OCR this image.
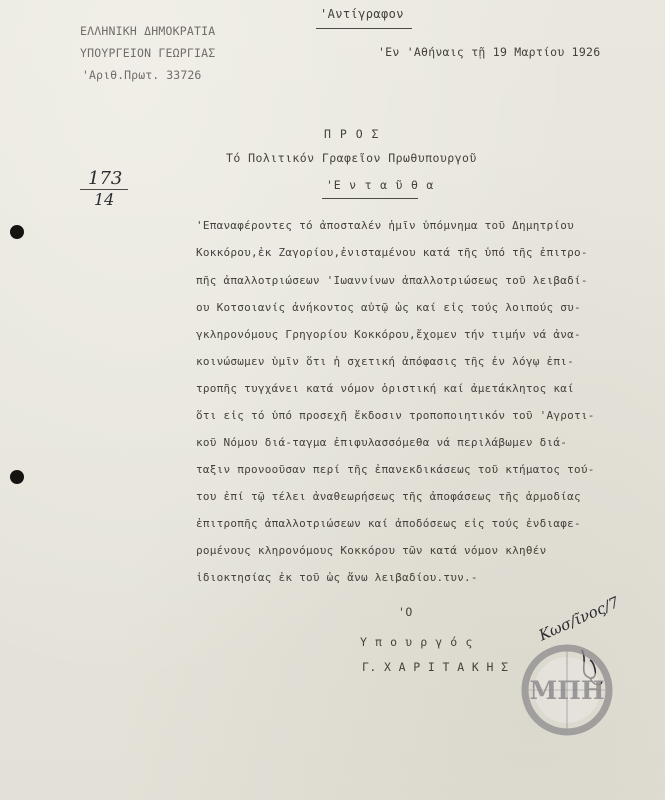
ΕΛΛΗΝΙΚΗ ΔΗΜΟΚΡΑΤΙΑ
ΥΠΟΥΡΓΕΙΟΝ ΓΕΩΡΓΙΑΣ
'Αριθ.Πρωτ. 33726
'Αντίγραφον
'Εν 'Αθήναις τῇ 19 Μαρτίου 1926
Π Ρ Ο Σ
Τό Πολιτικόν Γραφεῖον Πρωθυπουργοῦ
'Ε ν τ α ῦ θ α
173
14
'Επαναφέροντες τό ἀποσταλέν ἡμῖν ὑπόμνημα τοῦ Δημητρίου
Κοκκόρου,ἐκ Ζαγορίου,ἐνισταμένου κατά τῆς ὑπό τῆς ἐπιτρο-
πῆς ἀπαλλοτριώσεων 'Ιωαννίνων ἀπαλλοτριώσεως τοῦ λειβαδί-
ου Κοτσοιανίς ἀνήκοντος αὐτῷ ὡς καί εἰς τούς λοιπούς συ-
γκληρονόμους Γρηγορίου Κοκκόρου,ἔχομεν τήν τιμήν νά ἀνα-
κοινώσωμεν ὑμῖν ὅτι ἡ σχετική ἀπόφασις τῆς ἐν λόγῳ ἐπι-
τροπῆς τυγχάνει κατά νόμον ὁριστική καί ἀμετάκλητος καί
ὅτι εἰς τό ὑπό προσεχῆ ἔκδοσιν τροποποιητικόν τοῦ 'Αγροτι-
κοῦ Νόμου διά-ταγμα ἐπιφυλασσόμεθα νά περιλάβωμεν διά-
ταξιν προνοοῦσαν περί τῆς ἐπανεκδικάσεως τοῦ κτήματος τού-
του ἐπί τῷ τέλει ἀναθεωρήσεως τῆς ἀποφάσεως τῆς ἁρμοδίας
ἐπιτροπῆς ἀπαλλοτριώσεων καί ἀποδόσεως εἰς τούς ἐνδιαφε-
ρομένους κληρονόμους Κοκκόρου τῶν κατά νόμον κληθέν
ἰδιοκτησίας ἐκ τοῦ ὡς ἄνω λειβαδίου.τυν.-
'Ο
Υ π ο υ ρ γ ό ς
Γ. Χ Α Ρ Ι Τ Α Κ Η Σ
Κωσ/ῖνος/7
ΜΠΗ
